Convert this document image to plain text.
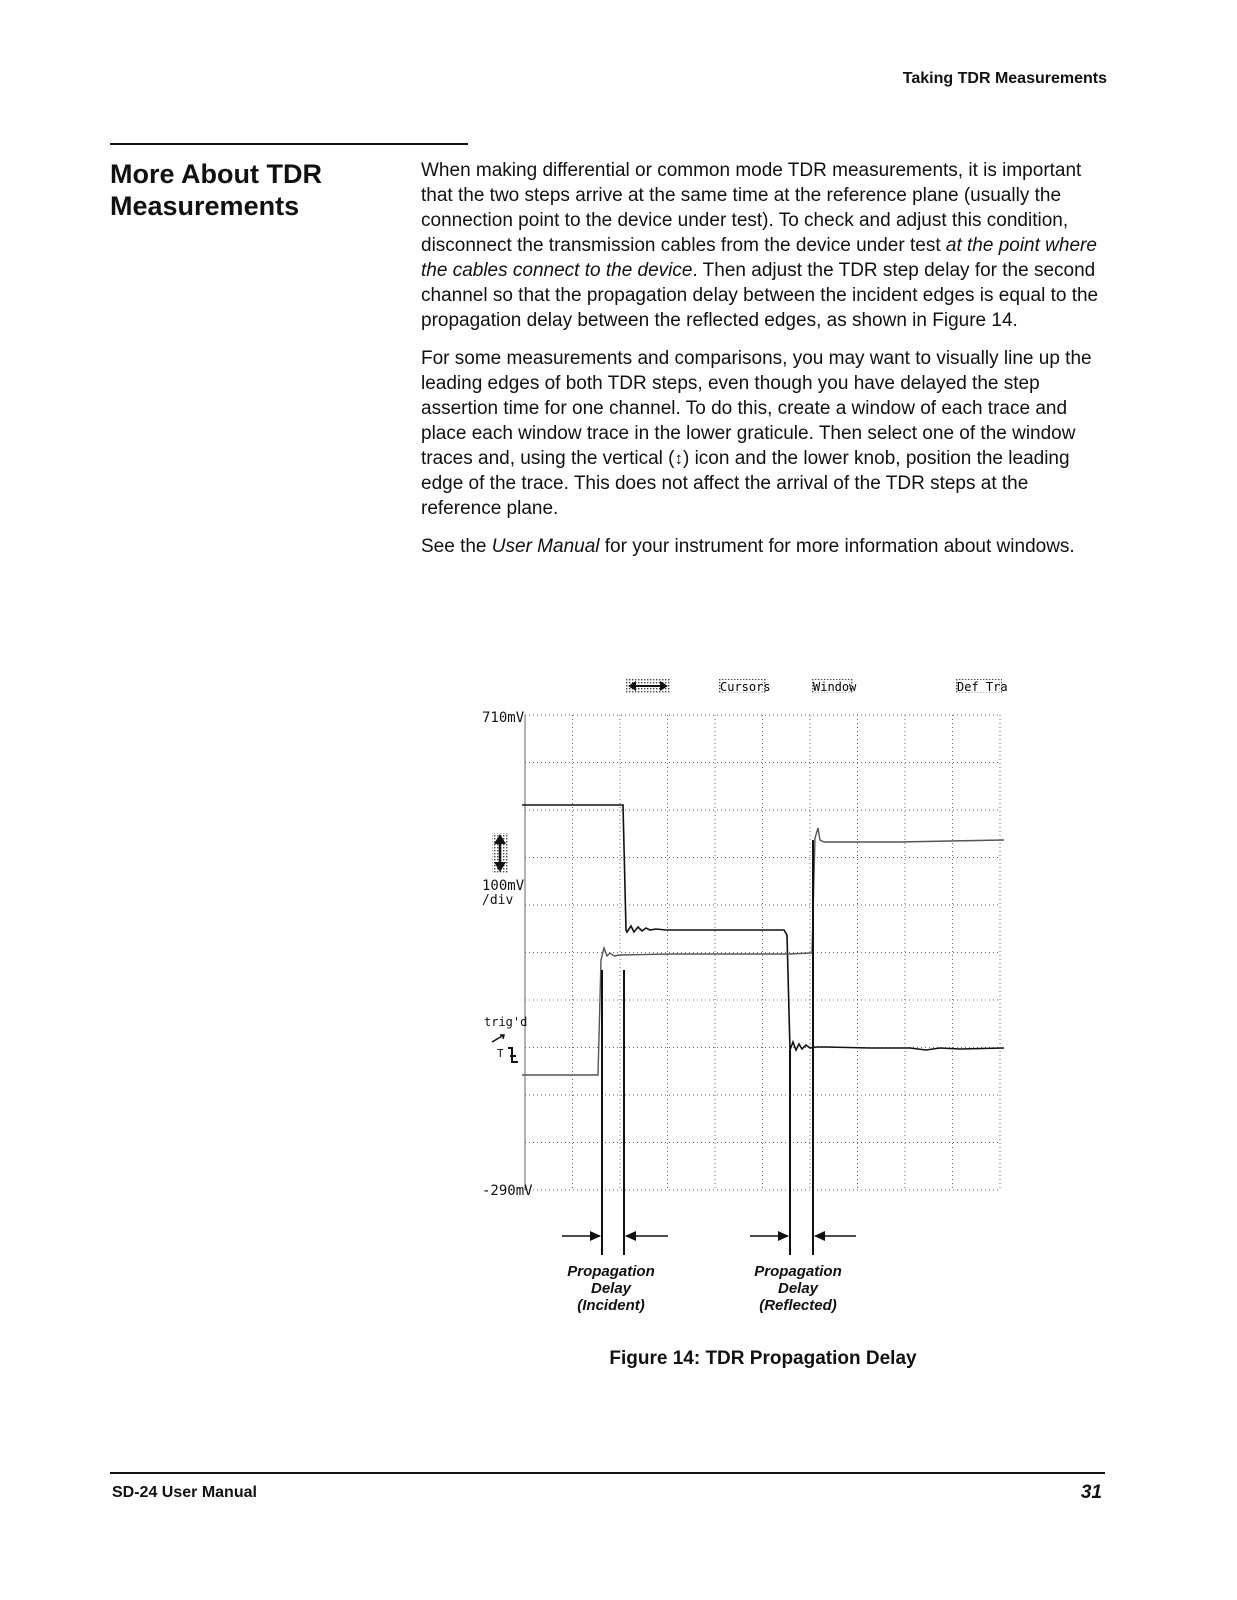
Taking TDR Measurements
More About TDR Measurements

When making differential or common mode TDR measurements, it is important that the two steps arrive at the same time at the reference plane (usually the connection point to the device under test). To check and adjust this condition, disconnect the transmission cables from the device under test at the point where the cables connect to the device. Then adjust the TDR step delay for the second channel so that the propagation delay between the incident edges is equal to the propagation delay between the reflected edges, as shown in Figure 14.

For some measurements and comparisons, you may want to visually line up the leading edges of both TDR steps, even though you have delayed the step assertion time for one channel. To do this, create a window of each trace and place each window trace in the lower graticule. Then select one of the window traces and, using the vertical (↕) icon and the lower knob, position the leading edge of the trace. This does not affect the arrival of the TDR steps at the reference plane.

See the User Manual for your instrument for more information about windows.

Cursors	Window	Def Tra
710mV
100mV
/div
trig'd
T
-290mV
Propagation
Delay
(Incident)
Propagation
Delay
(Reflected)
Figure 14: TDR Propagation Delay
SD-24 User Manual	31
